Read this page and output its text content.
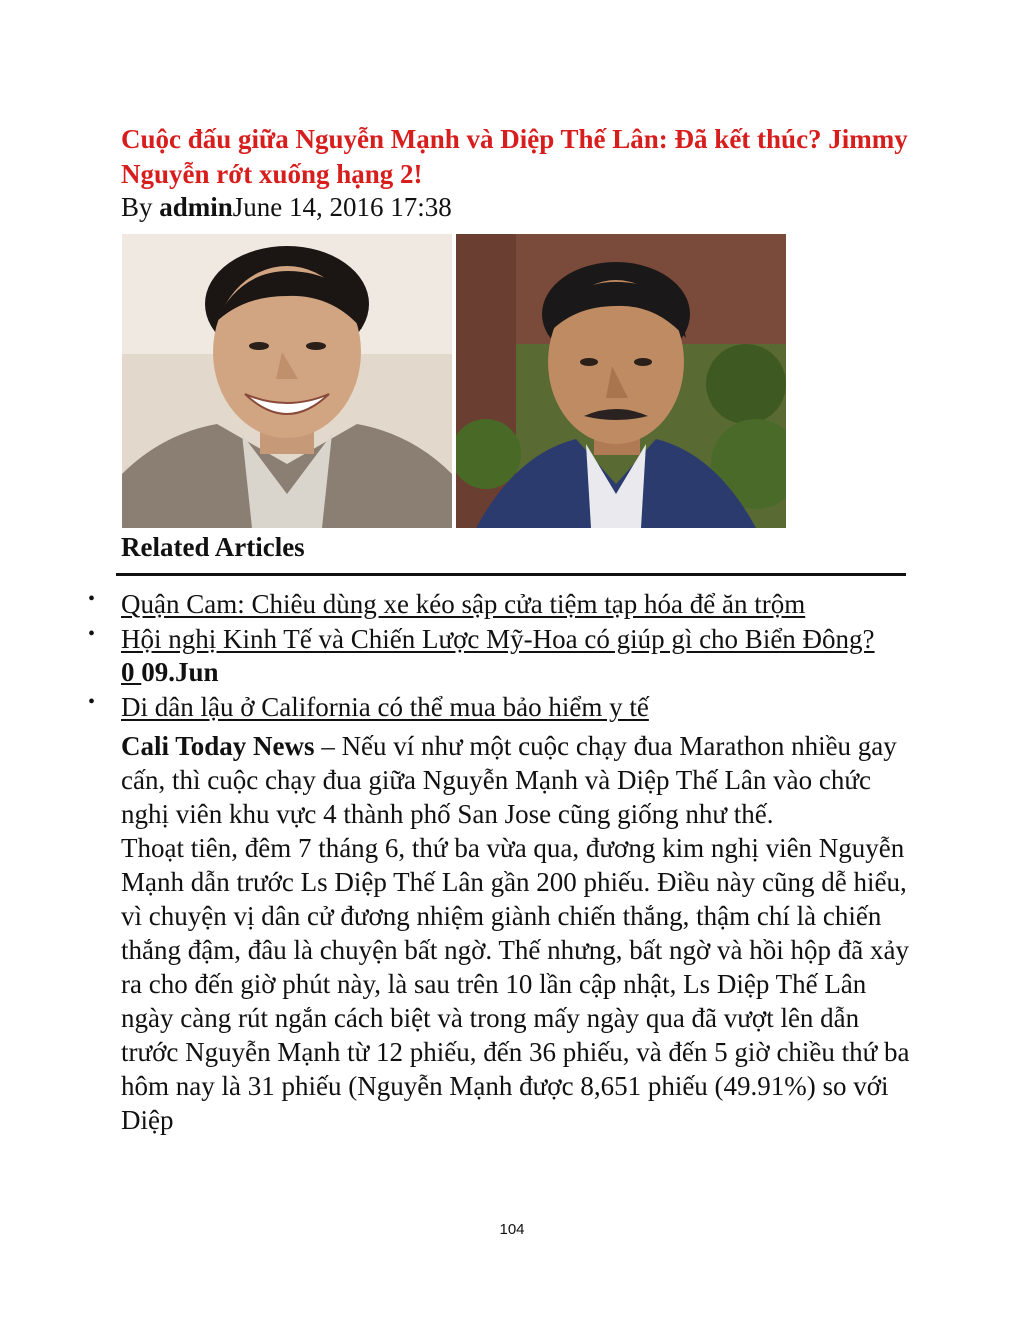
Cuộc đấu giữa Nguyễn Mạnh và Diệp Thế Lân: Đã kết thúc? Jimmy Nguyễn rớt xuống hạng 2!

By adminJune 14, 2016 17:38

Related Articles
• Quận Cam: Chiêu dùng xe kéo sập cửa tiệm tạp hóa để ăn trộm
• Hội nghị Kinh Tế và Chiến Lược Mỹ-Hoa có giúp gì cho Biển Đông? 0 09.Jun
• Di dân lậu ở California có thể mua bảo hiểm y tế

Cali Today News – Nếu ví như một cuộc chạy đua Marathon nhiều gay cấn, thì cuộc chạy đua giữa Nguyễn Mạnh và Diệp Thế Lân vào chức nghị viên khu vực 4 thành phố San Jose cũng giống như thế.

Thoạt tiên, đêm 7 tháng 6, thứ ba vừa qua, đương kim nghị viên Nguyễn Mạnh dẫn trước Ls Diệp Thế Lân gần 200 phiếu. Điều này cũng dễ hiểu, vì chuyện vị dân cử đương nhiệm giành chiến thắng, thậm chí là chiến thắng đậm, đâu là chuyện bất ngờ. Thế nhưng, bất ngờ và hồi hộp đã xảy ra cho đến giờ phút này, là sau trên 10 lần cập nhật, Ls Diệp Thế Lân ngày càng rút ngắn cách biệt và trong mấy ngày qua đã vượt lên dẫn trước Nguyễn Mạnh từ 12 phiếu, đến 36 phiếu, và đến 5 giờ chiều thứ ba hôm nay là 31 phiếu (Nguyễn Mạnh được 8,651 phiếu (49.91%) so với Diệp

104
